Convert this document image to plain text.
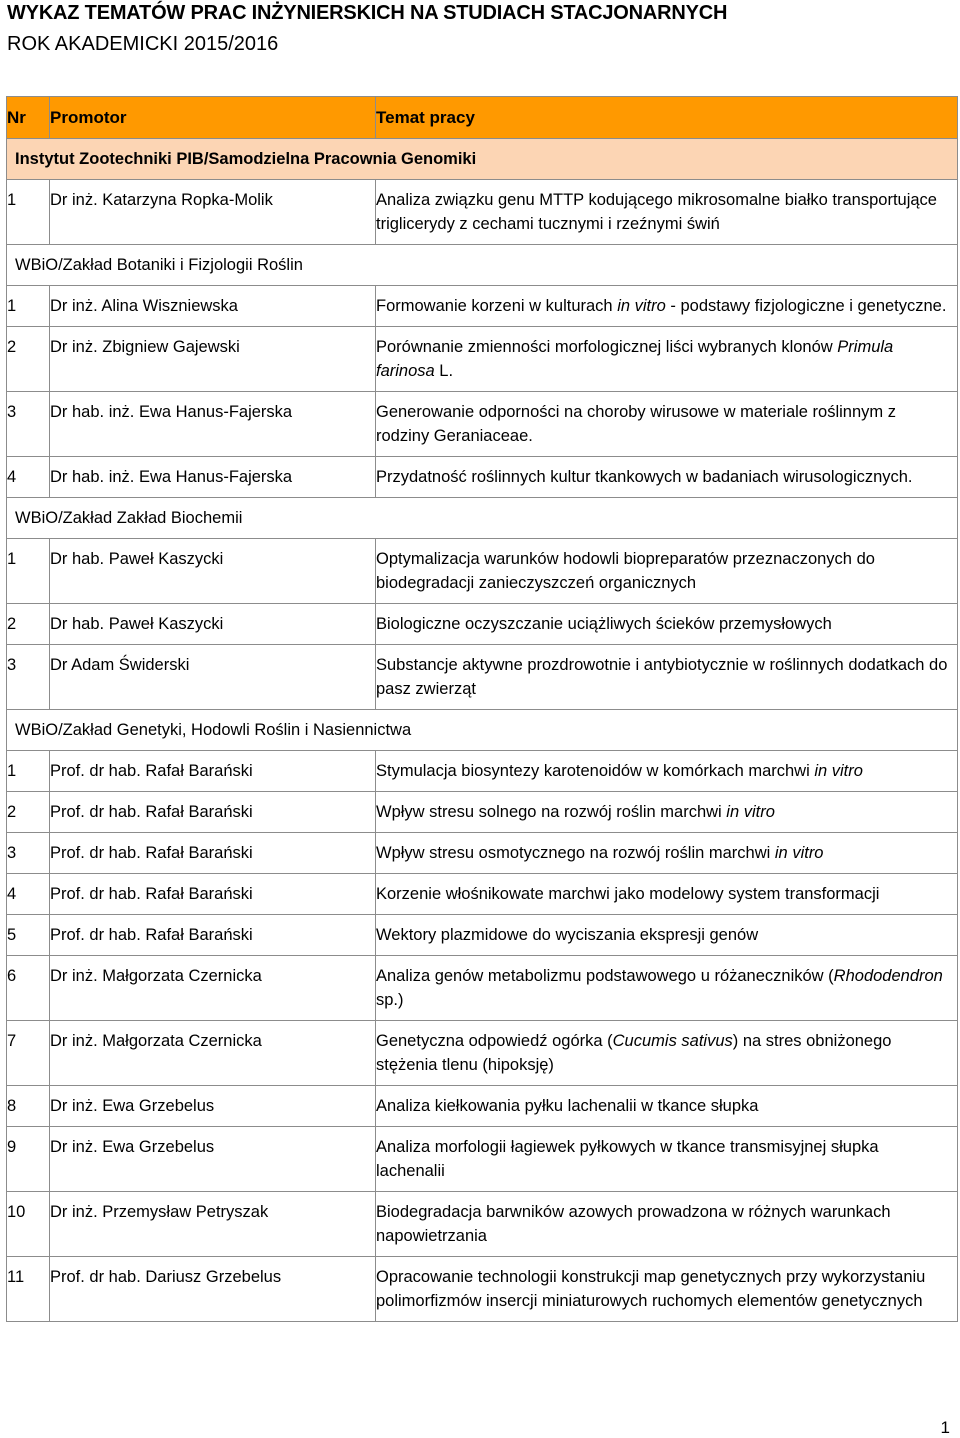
WYKAZ TEMATÓW PRAC INŻYNIERSKICH NA STUDIACH STACJONARNYCH
ROK AKADEMICKI 2015/2016
Nr	Promotor	Temat pracy
Instytut Zootechniki PIB/Samodzielna Pracownia Genomiki		
1	Dr inż. Katarzyna Ropka-Molik	Analiza związku genu MTTP kodującego mikrosomalne białko transportujące triglicerydy z cechami tucznymi i rzeźnymi świń
WBiO/Zakład Botaniki i Fizjologii Roślin		
1	Dr inż. Alina Wiszniewska	Formowanie korzeni w kulturach in vitro - podstawy fizjologiczne i genetyczne.
2	Dr inż. Zbigniew Gajewski	Porównanie zmienności morfologicznej liści wybranych klonów Primula farinosa L.
3	Dr hab. inż. Ewa Hanus-Fajerska	Generowanie odporności na choroby wirusowe w materiale roślinnym z rodziny Geraniaceae.
4	Dr hab. inż. Ewa Hanus-Fajerska	Przydatność roślinnych kultur tkankowych w badaniach wirusologicznych.
WBiO/Zakład Zakład Biochemii		
1	Dr hab. Paweł Kaszycki	Optymalizacja warunków hodowli biopreparatów przeznaczonych do biodegradacji zanieczyszczeń organicznych
2	Dr hab. Paweł Kaszycki	Biologiczne oczyszczanie uciążliwych ścieków przemysłowych
3	Dr Adam Świderski	Substancje aktywne prozdrowotnie i antybiotycznie w roślinnych dodatkach do pasz zwierząt
WBiO/Zakład Genetyki, Hodowli Roślin i Nasiennictwa		
1	Prof. dr hab. Rafał Barański	Stymulacja biosyntezy karotenoidów w komórkach marchwi in vitro
2	Prof. dr hab. Rafał Barański	Wpływ stresu solnego na rozwój roślin marchwi in vitro
3	Prof. dr hab. Rafał Barański	Wpływ stresu osmotycznego na rozwój roślin marchwi in vitro
4	Prof. dr hab. Rafał Barański	Korzenie włośnikowate marchwi jako modelowy system transformacji
5	Prof. dr hab. Rafał Barański	Wektory plazmidowe do wyciszania ekspresji genów
6	Dr inż. Małgorzata Czernicka	Analiza genów metabolizmu podstawowego u różaneczników (Rhododendron sp.)
7	Dr inż. Małgorzata Czernicka	Genetyczna odpowiedź ogórka (Cucumis sativus) na stres obniżonego stężenia tlenu (hipoksję)
8	Dr inż. Ewa Grzebelus	Analiza kiełkowania pyłku lachenalii w tkance słupka
9	Dr inż. Ewa Grzebelus	Analiza morfologii łagiewek pyłkowych w tkance transmisyjnej słupka lachenalii
10	Dr inż. Przemysław Petryszak	Biodegradacja barwników azowych prowadzona w różnych warunkach napowietrzania
11	Prof. dr hab. Dariusz Grzebelus	Opracowanie technologii konstrukcji map genetycznych przy wykorzystaniu polimorfizmów insercji miniaturowych ruchomych elementów genetycznych
1
